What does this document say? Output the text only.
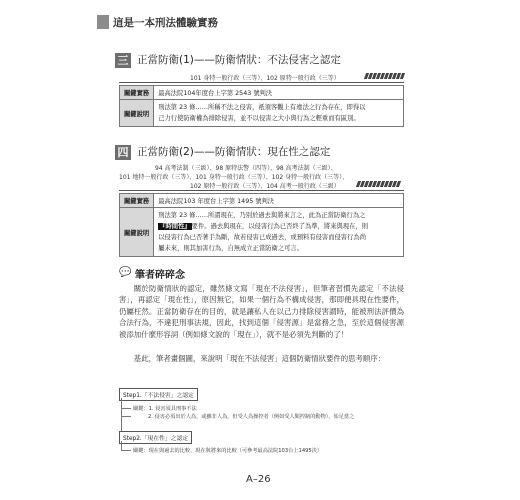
這是一本刑法體驗實務
三 正當防衛(1)——防衛情狀：不法侵害之認定
101 身特一般行政（三等）、102 原特一般行政（三等）
關鍵實務	最高法院104年度台上字第 2543 號判決
關鍵說明	刑法第 23 條……所稱不法之侵害，祇須客觀上有違法之行為存在，即得以
己力行使防衛權為排除侵害，並不以侵害之大小與行為之輕重而有區別。
四 正當防衛(2)——防衛情狀：現在性之認定
94 高考法制（三級）、98 原特法警（四等）、98 高考法制（三級）、
101 地特一般行政（三等）、101 身特一般行政（三等）、102 身特一般行政（三等）、
102 原特一般行政（三等）、104 高考一般行政（三級）
關鍵實務	最高法院103 年度台上字第 1495 號判決
關鍵說明	刑法第 23 條……所謂現在，乃別於過去與將來言之，此為正當防衛行為之
『時間性』要件。過去與現在，以侵害行為已否終了為準，將來與現在，則
以侵害行為已否著手為斷，故若侵害已成過去，或預料有侵害而侵害行為尚
屬未來，則其加害行為，自無成立正當防衛之可言。
💬 筆者碎碎念

關於防衛情狀的認定，雖然條文寫「現在不法侵害」，但筆者習慣先認定「不法侵害」，再認定「現在性」，原因無它，如果一個行為不構成侵害，那即便具現在性要件，仍屬枉然。正當防衛存在的目的，就是讓私人在以己力排除侵害謂時，能被刑法評價為合法行為，不違犯刑事法規，因此，找到這個「侵害源」是當務之急，至於這個侵害源被添加什麼形容詞（例如條文說的「現在」），就不是必須先判斷的了！

基此，筆者畫個圖，來說明「現在不法侵害」這個防衛情狀要件的思考順序：

Step1.「不法侵害」之認定
關鍵：1. 侵害須具刑事不法
2. 侵害必須出於人為，或雖非人為，但受人為操控者（例如受人類控制的動物），始足當之
Step2.「現在性」之認定
關鍵：現在與過去的比較、現在與將來的比較（可參考最高法院103台上1495決）
A–26
